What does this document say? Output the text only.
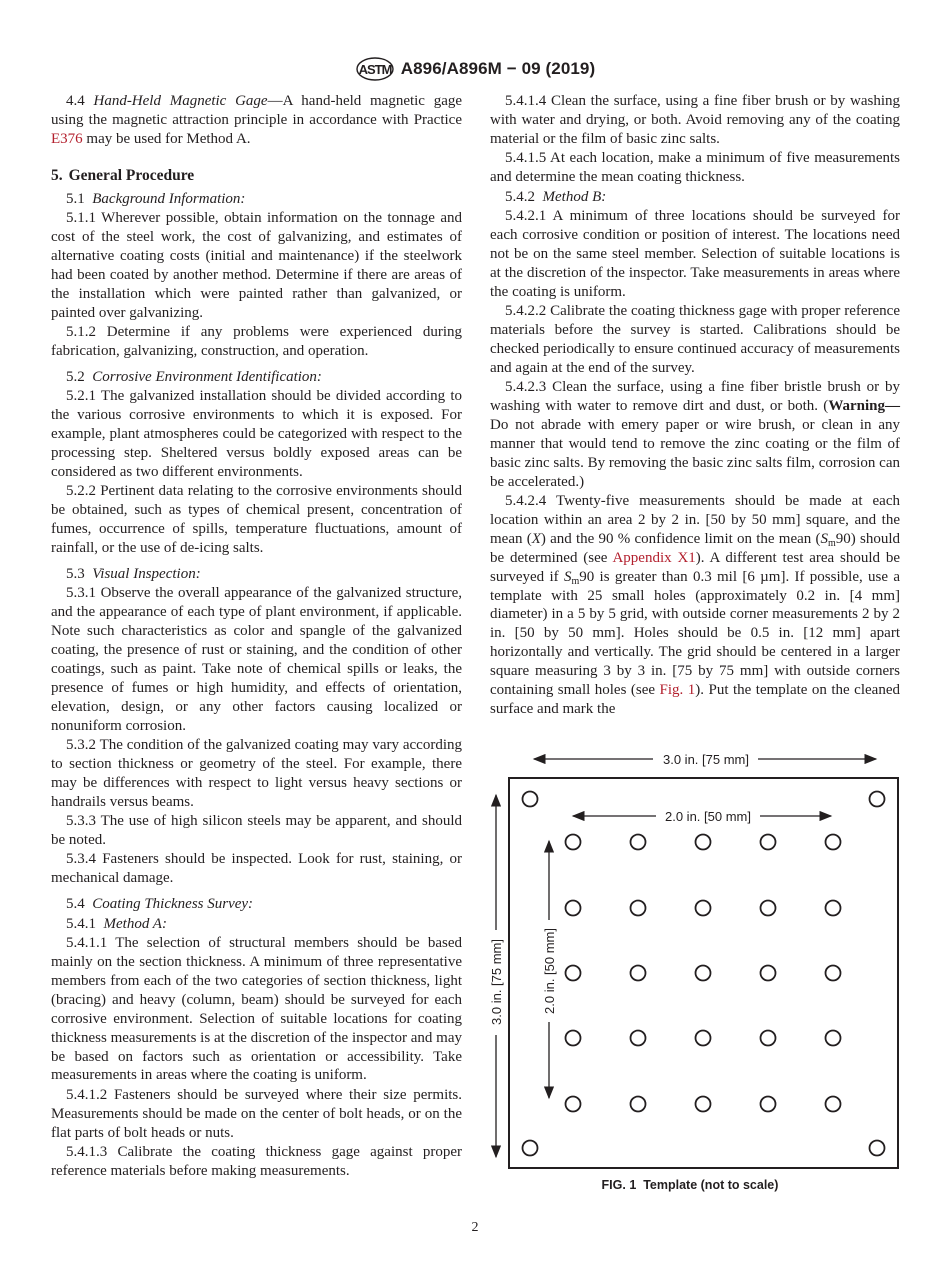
ASTM A896/A896M − 09 (2019)

4.4 Hand-Held Magnetic Gage—A hand-held magnetic gage using the magnetic attraction principle in accordance with Practice E376 may be used for Method A.

5. General Procedure

5.1 Background Information:

5.1.1 Wherever possible, obtain information on the tonnage and cost of the steel work, the cost of galvanizing, and estimates of alternative coating costs (initial and maintenance) if the steelwork had been coated by another method. Determine if there are areas of the installation which were painted rather than galvanized, or painted over galvanizing.

5.1.2 Determine if any problems were experienced during fabrication, galvanizing, construction, and operation.

5.2 Corrosive Environment Identification:

5.2.1 The galvanized installation should be divided according to the various corrosive environments to which it is exposed. For example, plant atmospheres could be categorized with respect to the processing step. Sheltered versus boldly exposed areas can be considered as two different environments.

5.2.2 Pertinent data relating to the corrosive environments should be obtained, such as types of chemical present, concentration of fumes, occurrence of spills, temperature fluctuations, amount of rainfall, or the use of de-icing salts.

5.3 Visual Inspection:

5.3.1 Observe the overall appearance of the galvanized structure, and the appearance of each type of plant environment, if applicable. Note such characteristics as color and spangle of the galvanized coating, the presence of rust or staining, and the condition of other coatings, such as paint. Take note of chemical spills or leaks, the presence of fumes or high humidity, and effects of orientation, elevation, design, or any other factors causing localized or nonuniform corrosion.

5.3.2 The condition of the galvanized coating may vary according to section thickness or geometry of the steel. For example, there may be differences with respect to light versus heavy sections or handrails versus beams.

5.3.3 The use of high silicon steels may be apparent, and should be noted.

5.3.4 Fasteners should be inspected. Look for rust, staining, or mechanical damage.

5.4 Coating Thickness Survey:

5.4.1 Method A:

5.4.1.1 The selection of structural members should be based mainly on the section thickness. A minimum of three representative members from each of the two categories of section thickness, light (bracing) and heavy (column, beam) should be surveyed for each corrosive environment. Selection of suitable locations for coating thickness measurements is at the discretion of the inspector and may be based on factors such as orientation or accessibility. Take measurements in areas where the coating is uniform.

5.4.1.2 Fasteners should be surveyed where their size permits. Measurements should be made on the center of bolt heads, or on the flat parts of bolt heads or nuts.

5.4.1.3 Calibrate the coating thickness gage against proper reference materials before making measurements.

5.4.1.4 Clean the surface, using a fine fiber brush or by washing with water and drying, or both. Avoid removing any of the coating material or the film of basic zinc salts.

5.4.1.5 At each location, make a minimum of five measurements and determine the mean coating thickness.

5.4.2 Method B:

5.4.2.1 A minimum of three locations should be surveyed for each corrosive condition or position of interest. The locations need not be on the same steel member. Selection of suitable locations is at the discretion of the inspector. Take measurements in areas where the coating is uniform.

5.4.2.2 Calibrate the coating thickness gage with proper reference materials before the survey is started. Calibrations should be checked periodically to ensure continued accuracy of measurements and again at the end of the survey.

5.4.2.3 Clean the surface, using a fine fiber bristle brush or by washing with water to remove dirt and dust, or both. (Warning—Do not abrade with emery paper or wire brush, or clean in any manner that would tend to remove the zinc coating or the film of basic zinc salts. By removing the basic zinc salts film, corrosion can be accelerated.)

5.4.2.4 Twenty-five measurements should be made at each location within an area 2 by 2 in. [50 by 50 mm] square, and the mean (X) and the 90 % confidence limit on the mean $(S_m90)$ should be determined (see Appendix X1). A different test area should be surveyed if $S_m90$ is greater than 0.3 mil [6 µm]. If possible, use a template with 25 small holes (approximately 0.2 in. [4 mm] diameter) in a 5 by 5 grid, with outside corner measurements 2 by 2 in. [50 by 50 mm]. Holes should be 0.5 in. [12 mm] apart horizontally and vertically. The grid should be centered in a larger square measuring 3 by 3 in. [75 by 75 mm] with outside corners containing small holes (see Fig. 1). Put the template on the cleaned surface and mark the

3.0 in. [75 mm]
2.0 in. [50 mm]
3.0 in. [75 mm]	2.0 in. [50 mm]
FIG. 1  Template (not to scale)
2
